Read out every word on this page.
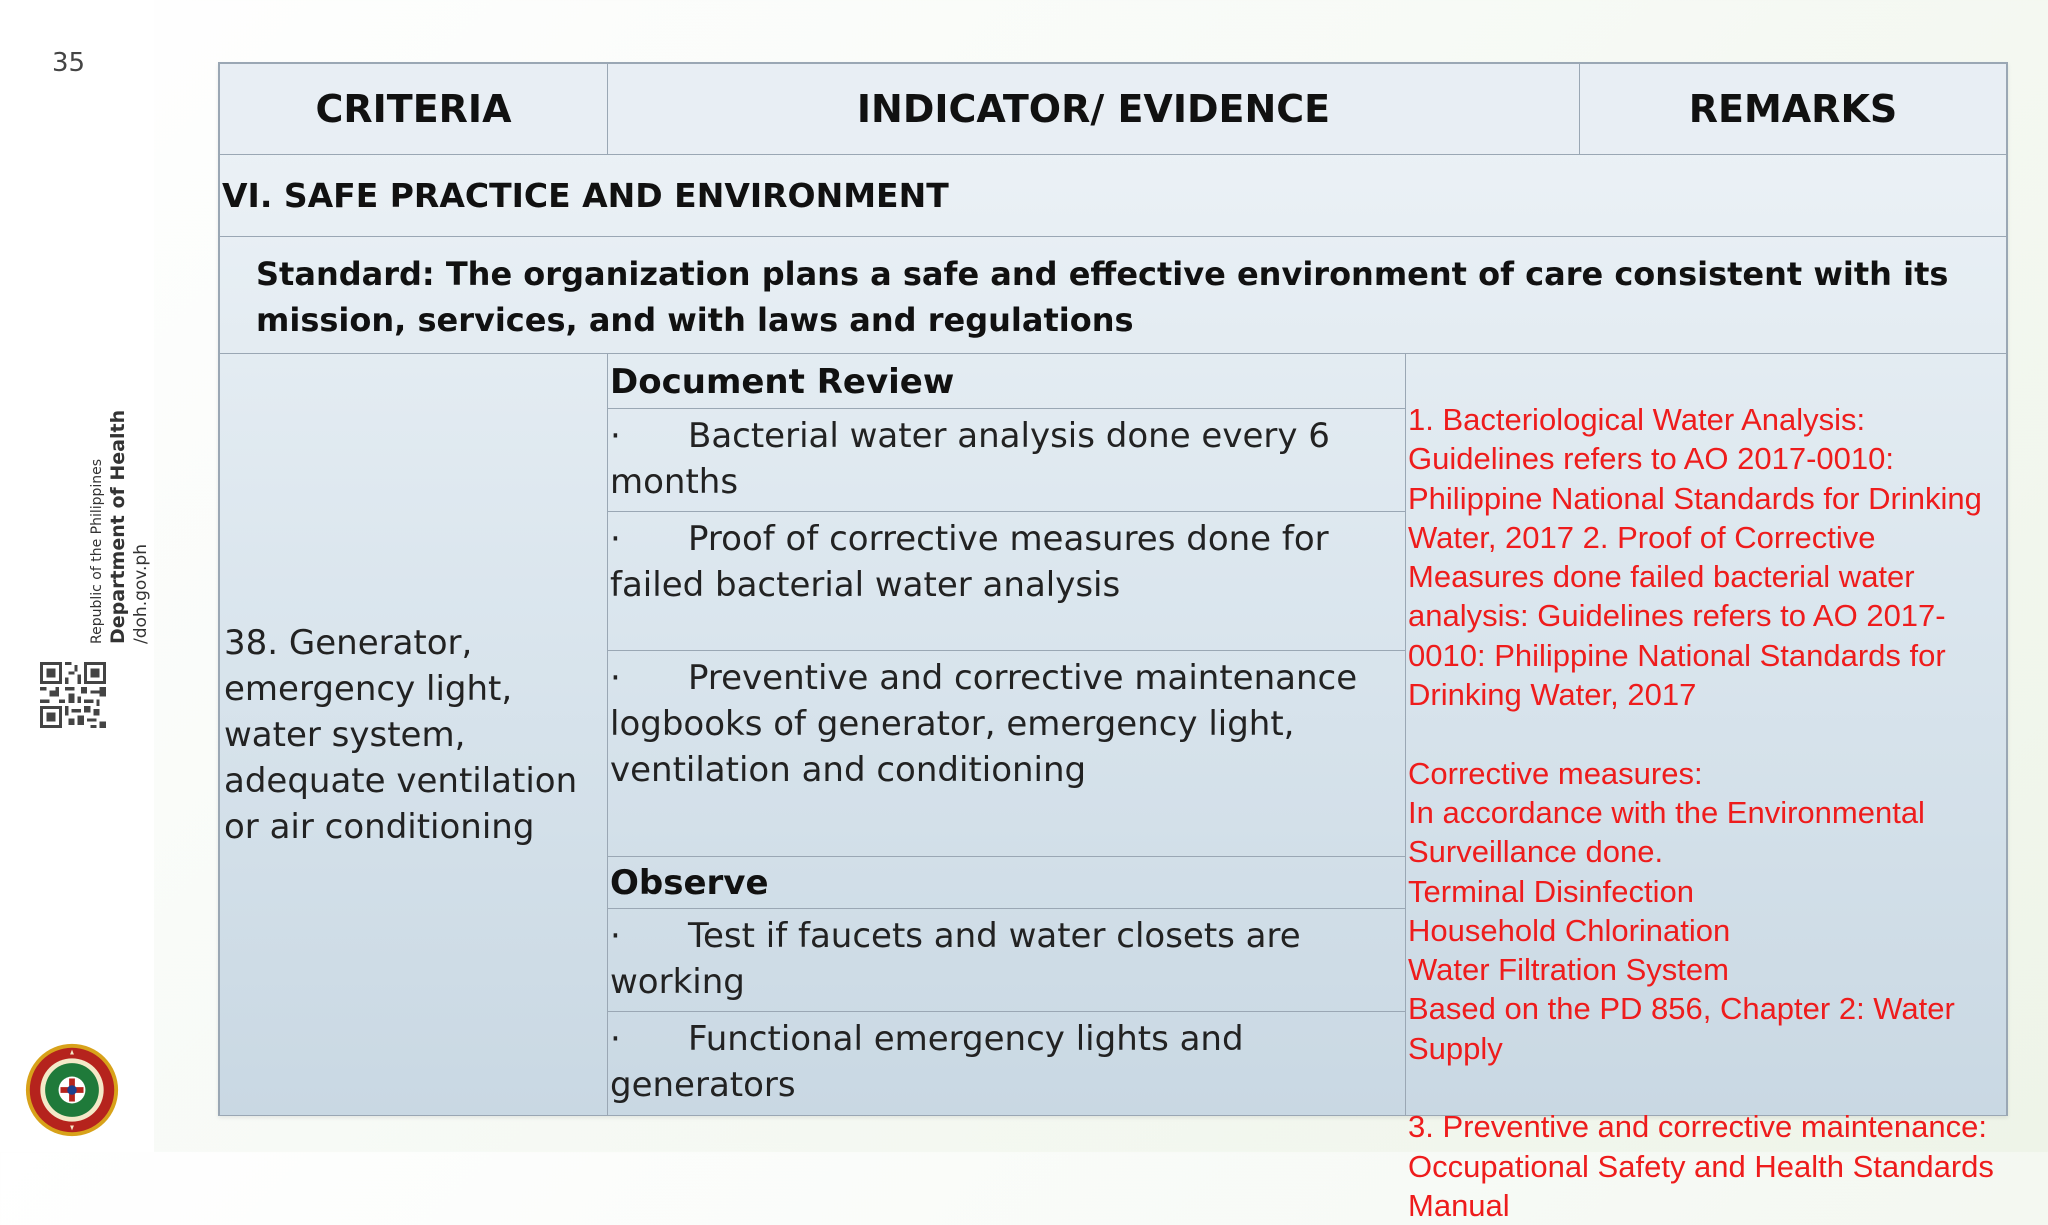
35
Republic of the Philippines Department of Health /doh.gov.ph
CRITERIA	INDICATOR/ EVIDENCE	REMARKS
VI. SAFE PRACTICE AND ENVIRONMENT
Standard: The organization plans a safe and effective environment of care consistent with its mission, services, and with laws and regulations
38. Generator, emergency light, water system, adequate ventilation or air conditioning
Document Review
· Bacterial water analysis done every 6 months
· Proof of corrective measures done for failed bacterial water analysis
· Preventive and corrective maintenance logbooks of generator, emergency light, ventilation and conditioning
Observe
· Test if faucets and water closets are working
· Functional emergency lights and generators
1. Bacteriological Water Analysis: Guidelines refers to AO 2017-0010: Philippine National Standards for Drinking Water, 2017 2. Proof of Corrective Measures done failed bacterial water analysis: Guidelines refers to AO 2017-0010: Philippine National Standards for Drinking Water, 2017

Corrective measures:
In accordance with the Environmental Surveillance done.
Terminal Disinfection
Household Chlorination
Water Filtration System
Based on the PD 856, Chapter 2: Water Supply

3. Preventive and corrective maintenance: Occupational Safety and Health Standards Manual
